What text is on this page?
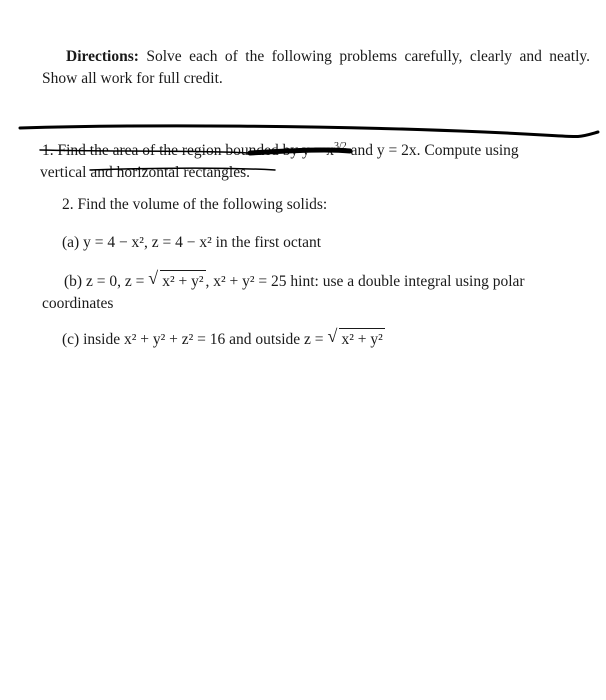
Directions: Solve each of the following problems carefully, clearly and neatly. Show all work for full credit.
1. Find the area of the region bounded by $y = x^{3/2}$ and y = 2x. Compute using
vertical and horizontal rectangles.
2. Find the volume of the following solids:
(a) y = 4 − x², z = 4 − x² in the first octant
(b) z = 0, z = √ x² + y² , x² + y² = 25 hint: use a double integral using polar
coordinates
(c) inside x² + y² + z² = 16 and outside z = √ x² + y²
